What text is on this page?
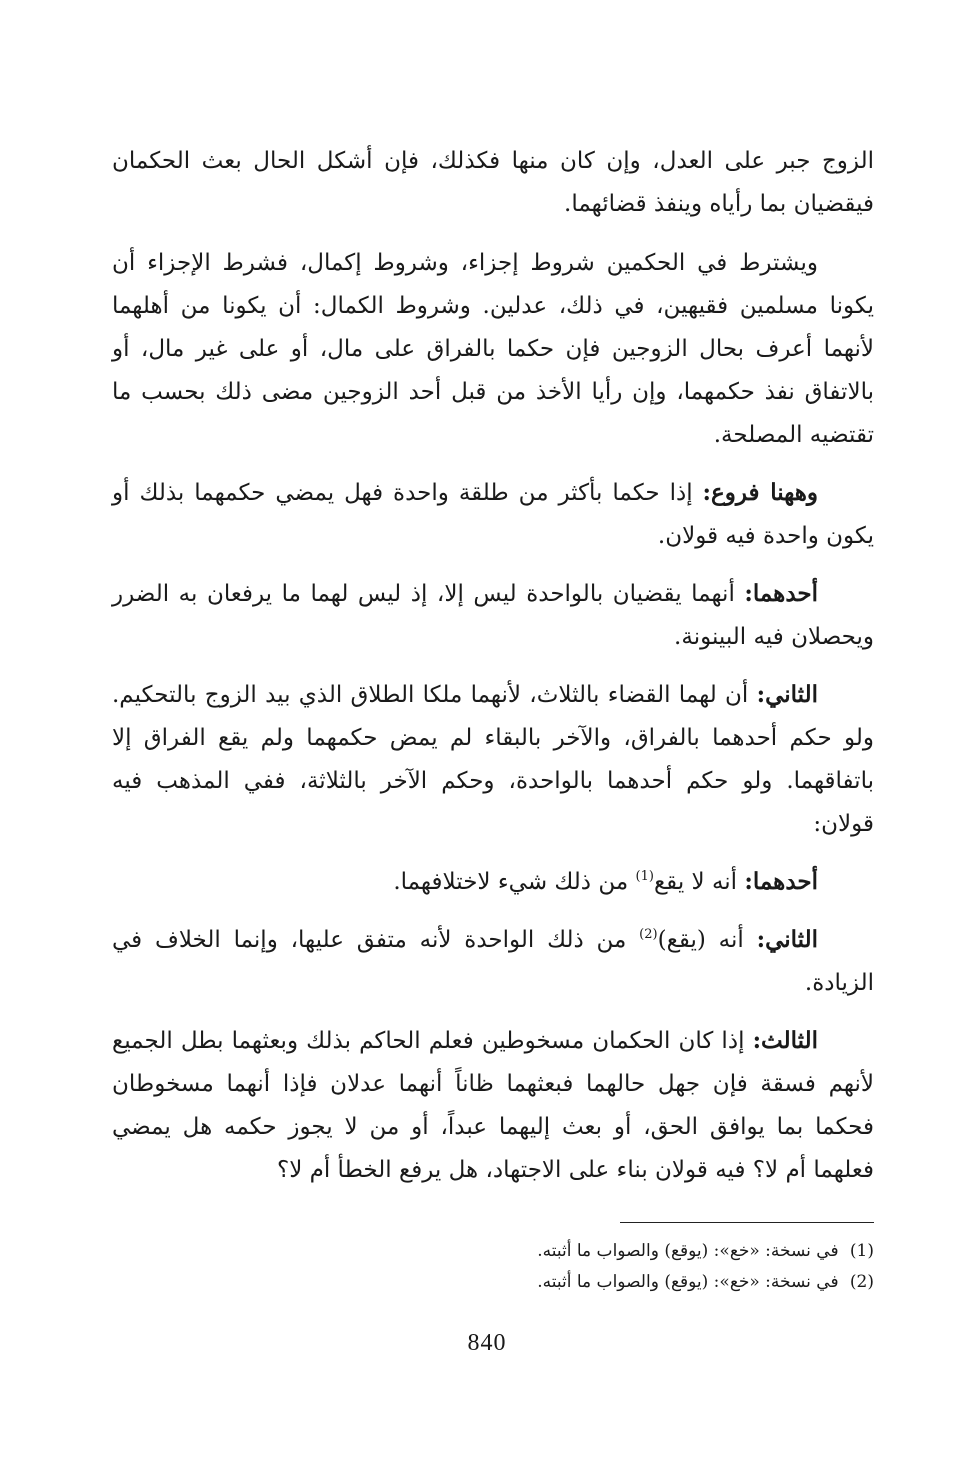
الزوج جبر على العدل، وإن كان منها فكذلك، فإن أشكل الحال بعث الحكمان فيقضيان بما رأياه وينفذ قضائهما.

ويشترط في الحكمين شروط إجزاء، وشروط إكمال، فشرط الإجزاء أن يكونا مسلمين فقيهين، في ذلك، عدلين. وشروط الكمال: أن يكونا من أهلهما لأنهما أعرف بحال الزوجين فإن حكما بالفراق على مال، أو على غير مال، أو بالاتفاق نفذ حكمهما، وإن رأيا الأخذ من قبل أحد الزوجين مضى ذلك بحسب ما تقتضيه المصلحة.

وههنا فروع: إذا حكما بأكثر من طلقة واحدة فهل يمضي حكمهما بذلك أو يكون واحدة فيه قولان.

أحدهما: أنهما يقضيان بالواحدة ليس إلا، إذ ليس لهما ما يرفعان به الضرر ويحصلان فيه البينونة.

الثاني: أن لهما القضاء بالثلاث، لأنهما ملكا الطلاق الذي بيد الزوج بالتحكيم. ولو حكم أحدهما بالفراق، والآخر بالبقاء لم يمض حكمهما ولم يقع الفراق إلا باتفاقهما. ولو حكم أحدهما بالواحدة، وحكم الآخر بالثلاثة، ففي المذهب فيه قولان:

أحدهما: أنه لا يقع$^{(1)}$ من ذلك شيء لاختلافهما.

الثاني: أنه (يقع)$^{(2)}$ من ذلك الواحدة لأنه متفق عليها، وإنما الخلاف في الزيادة.

الثالث: إذا كان الحكمان مسخوطين فعلم الحاكم بذلك وبعثهما بطل الجميع لأنهم فسقة فإن جهل حالهما فبعثهما ظاناً أنهما عدلان فإذا أنهما مسخوطان فحكما بما يوافق الحق، أو بعث إليهما عبداً، أو من لا يجوز حكمه هل يمضي فعلهما أم لا؟ فيه قولان بناء على الاجتهاد، هل يرفع الخطأ أم لا؟

(1) في نسخة: «خع»: (يوقع) والصواب ما أثبته.

(2) في نسخة: «خع»: (يوقع) والصواب ما أثبته.

840
